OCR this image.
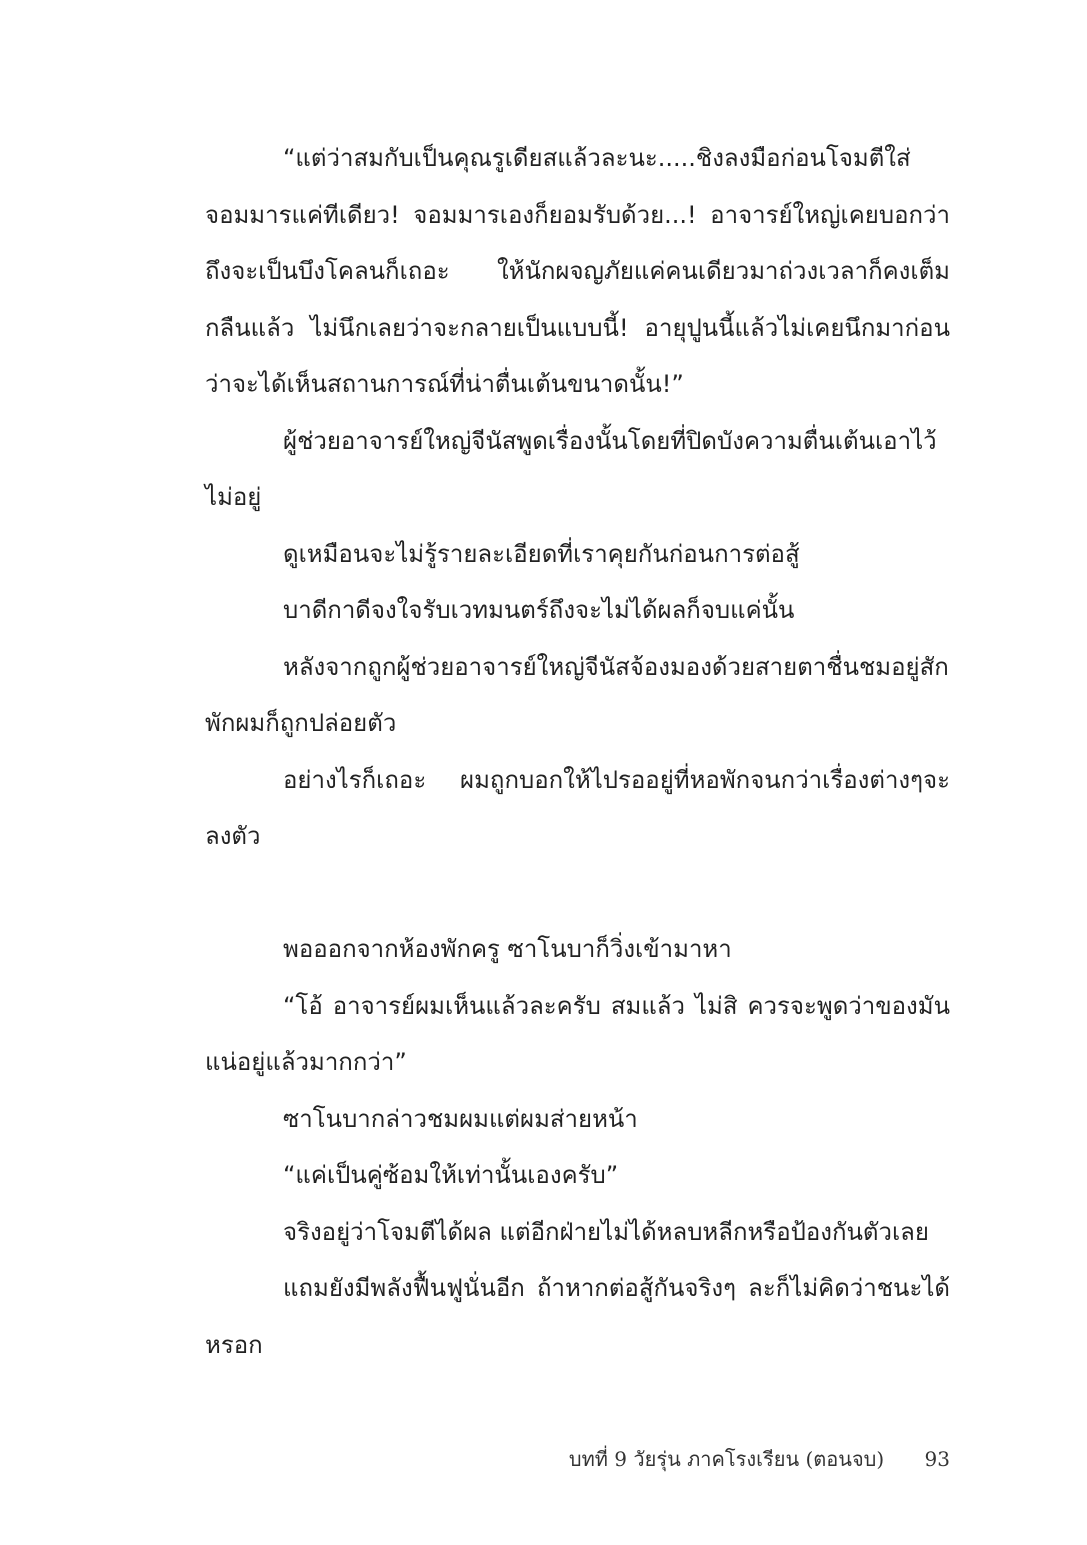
“แต่ว่าสมกับเป็นคุณรูเดียสแล้วละนะ.....ชิงลงมือก่อนโจมตีใส่จอมมารแค่ทีเดียว! จอมมารเองก็ยอมรับด้วย...! อาจารย์ใหญ่เคยบอกว่าถึงจะเป็นบึงโคลนก็เถอะ ให้นักผจญภัยแค่คนเดียวมาถ่วงเวลาก็คงเต็มกลืนแล้ว ไม่นึกเลยว่าจะกลายเป็นแบบนี้! อายุปูนนี้แล้วไม่เคยนึกมาก่อนว่าจะได้เห็นสถานการณ์ที่น่าตื่นเต้นขนาดนั้น!”

ผู้ช่วยอาจารย์ใหญ่จีนัสพูดเรื่องนั้นโดยที่ปิดบังความตื่นเต้นเอาไว้ไม่อยู่

ดูเหมือนจะไม่รู้รายละเอียดที่เราคุยกันก่อนการต่อสู้

บาดีกาดีจงใจรับเวทมนตร์ถึงจะไม่ได้ผลก็จบแค่นั้น

หลังจากถูกผู้ช่วยอาจารย์ใหญ่จีนัสจ้องมองด้วยสายตาชื่นชมอยู่สักพักผมก็ถูกปล่อยตัว

อย่างไรก็เถอะ ผมถูกบอกให้ไปรออยู่ที่หอพักจนกว่าเรื่องต่างๆจะลงตัว

พอออกจากห้องพักครู ซาโนบาก็วิ่งเข้ามาหา

“โอ้ อาจารย์ผมเห็นแล้วละครับ สมแล้ว ไม่สิ ควรจะพูดว่าของมันแน่อยู่แล้วมากกว่า”

ซาโนบากล่าวชมผมแต่ผมส่ายหน้า

“แค่เป็นคู่ซ้อมให้เท่านั้นเองครับ”

จริงอยู่ว่าโจมตีได้ผล แต่อีกฝ่ายไม่ได้หลบหลีกหรือป้องกันตัวเลย

แถมยังมีพลังฟื้นฟูนั่นอีก ถ้าหากต่อสู้กันจริงๆ ละก็ไม่คิดว่าชนะได้หรอก

บทที่ 9 วัยรุ่น ภาคโรงเรียน (ตอนจบ) 93
